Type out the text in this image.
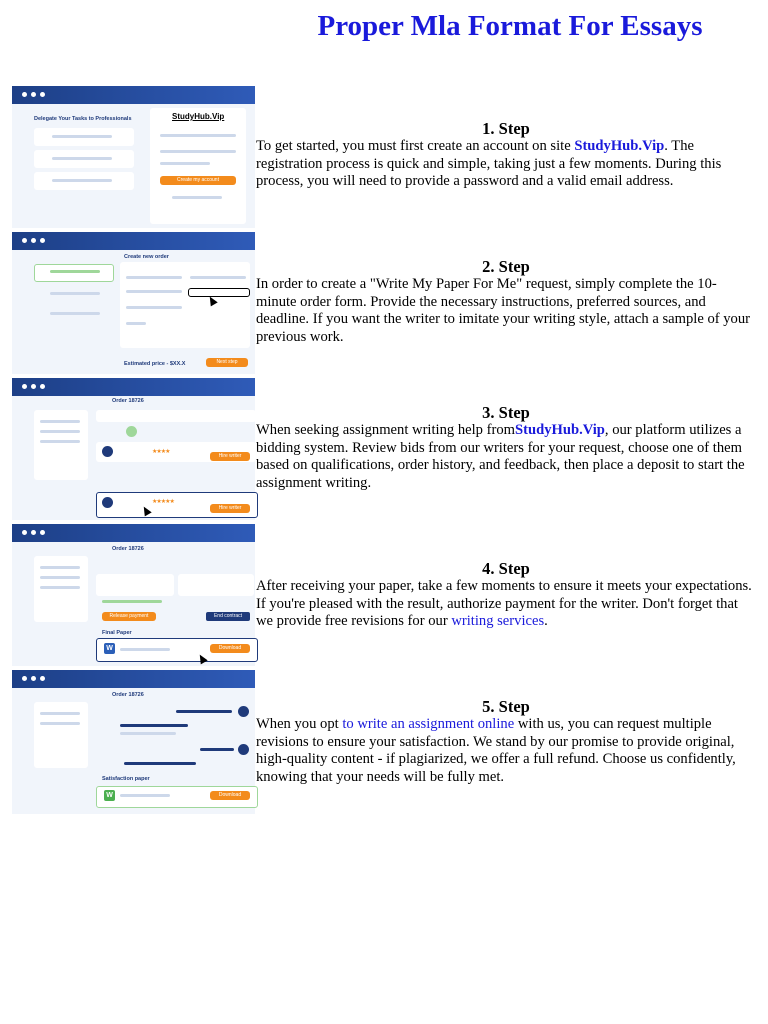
Proper Mla Format For Essays
Delegate Your Tasks to Professionals	StudyHub.Vip
Create my account
Create new order
Estimated price - $XX.X	Next step
Order 18726
★★★★
Hire writer
★★★★★
Hire writer
Order 18726
Release payment	End contract
Final Paper
W	Download
Order 18726
Satisfaction paper
W	Download
1. Step

To get started, you must first create an account on site StudyHub.Vip. The registration process is quick and simple, taking just a few moments. During this process, you will need to provide a password and a valid email address.

2. Step

In order to create a "Write My Paper For Me" request, simply complete the 10-minute order form. Provide the necessary instructions, preferred sources, and deadline. If you want the writer to imitate your writing style, attach a sample of your previous work.

3. Step

When seeking assignment writing help fromStudyHub.Vip, our platform utilizes a bidding system. Review bids from our writers for your request, choose one of them based on qualifications, order history, and feedback, then place a deposit to start the assignment writing.

4. Step

After receiving your paper, take a few moments to ensure it meets your expectations. If you're pleased with the result, authorize payment for the writer. Don't forget that we provide free revisions for our writing services.

5. Step

When you opt to write an assignment online with us, you can request multiple revisions to ensure your satisfaction. We stand by our promise to provide original, high-quality content - if plagiarized, we offer a full refund. Choose us confidently, knowing that your needs will be fully met.
